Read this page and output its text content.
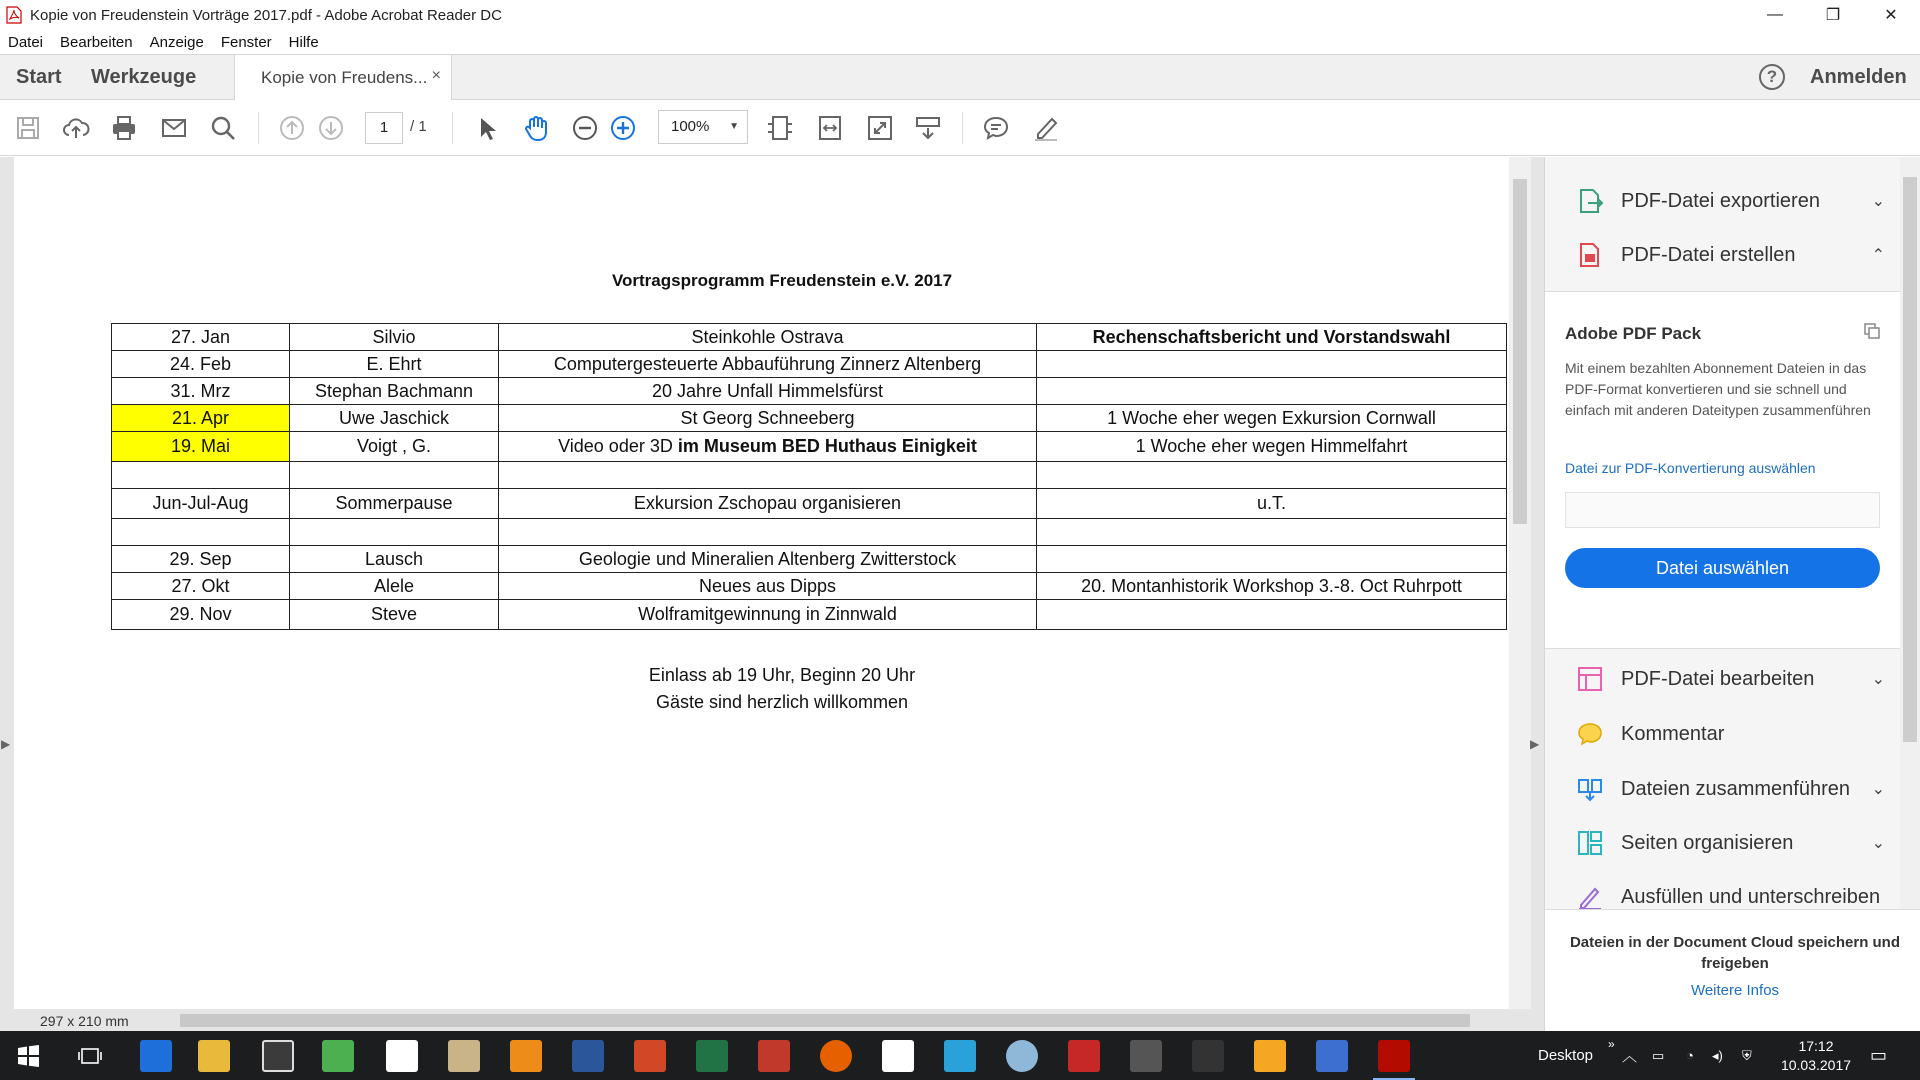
Kopie von Freudenstein Vorträge 2017.pdf - Adobe Acrobat Reader DC	—	❐	✕
Datei Bearbeiten Anzeige Fenster Hilfe
Start Werkzeuge	Kopie von Freudens... ×	?	Anmelden
1	/ 1	100% ▼
Vortragsprogramm Freudenstein e.V. 2017
27. Jan	Silvio	Steinkohle Ostrava	Rechenschaftsbericht und Vorstandswahl
24. Feb	E. Ehrt	Computergesteuerte Abbauführung Zinnerz Altenberg	
31. Mrz	Stephan Bachmann	20 Jahre Unfall Himmelsfürst	
21. Apr	Uwe Jaschick	St Georg Schneeberg	1 Woche eher wegen Exkursion Cornwall
19. Mai	Voigt , G.	Video oder 3D im Museum BED Huthaus Einigkeit	1 Woche eher wegen Himmelfahrt

Jun-Jul-Aug	Sommerpause	Exkursion Zschopau organisieren	u.T.

29. Sep	Lausch	Geologie und Mineralien Altenberg Zwitterstock	
27. Okt	Alele	Neues aus Dipps	20. Montanhistorik Workshop 3.-8. Oct Ruhrpott
29. Nov	Steve	Wolframitgewinnung in Zinnwald	
Einlass ab 19 Uhr, Beginn 20 Uhr
Gäste sind herzlich willkommen
297 x 210 mm
▶	▶
PDF-Datei exportieren	⌄
PDF-Datei erstellen	⌃
Adobe PDF Pack
Mit einem bezahlten Abonnement Dateien in das PDF-Format konvertieren und sie schnell und einfach mit anderen Dateitypen zusammenführen
Datei zur PDF-Konvertierung auswählen
Datei auswählen
PDF-Datei bearbeiten	⌄
Kommentar
Dateien zusammenführen ⌄
Seiten organisieren	⌄
Ausfüllen und unterschreiben
Dateien in der Document Cloud speichern und freigeben
Weitere Infos
Desktop
»
︿ ▭ ◔ ◂) ⛨
17:12
10.03.2017	▭
